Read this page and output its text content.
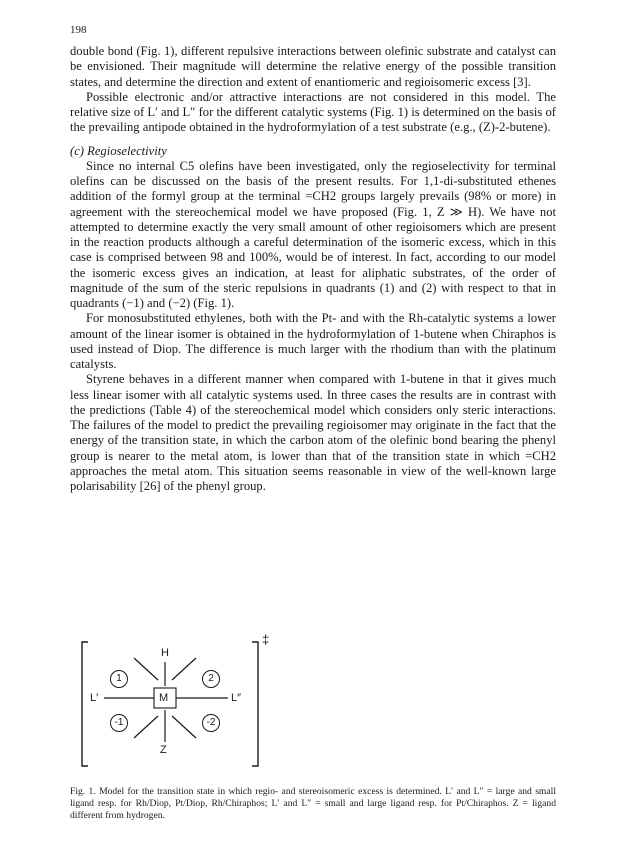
198

double bond (Fig. 1), different repulsive interactions between olefinic substrate and catalyst can be envisioned. Their magnitude will determine the relative energy of the possible transition states, and determine the direction and extent of enantiomeric and regioisomeric excess [3].

Possible electronic and/or attractive interactions are not considered in this model. The relative size of L′ and L″ for the different catalytic systems (Fig. 1) is determined on the basis of the prevailing antipode obtained in the hydroformylation of a test substrate (e.g., (Z)-2-butene).

(c) Regioselectivity

Since no internal C5 olefins have been investigated, only the regioselectivity for terminal olefins can be discussed on the basis of the present results. For 1,1-di-substituted ethenes addition of the formyl group at the terminal =CH2 groups largely prevails (98% or more) in agreement with the stereochemical model we have proposed (Fig. 1, Z ≫ H). We have not attempted to determine exactly the very small amount of other regioisomers which are present in the reaction products although a careful determination of the isomeric excess, which in this case is comprised between 98 and 100%, would be of interest. In fact, according to our model the isomeric excess gives an indication, at least for aliphatic substrates, of the order of magnitude of the sum of the steric repulsions in quadrants (1) and (2) with respect to that in quadrants (−1) and (−2) (Fig. 1).

For monosubstituted ethylenes, both with the Pt- and with the Rh-catalytic systems a lower amount of the linear isomer is obtained in the hydroformylation of 1-butene when Chiraphos is used instead of Diop. The difference is much larger with the rhodium than with the platinum catalysts.

Styrene behaves in a different manner when compared with 1-butene in that it gives much less linear isomer with all catalytic systems used. In three cases the results are in contrast with the predictions (Table 4) of the stereochemical model which considers only steric interactions. The failures of the model to predict the prevailing regioisomer may originate in the fact that the energy of the transition state, in which the carbon atom of the olefinic bond bearing the phenyl group is nearer to the metal atom, is lower than that of the transition state in which =CH2 approaches the metal atom. This situation seems reasonable in view of the well-known large polarisability [26] of the phenyl group.

H
Z
M
L′	L″
‡
1	2
-1	-2
Fig. 1. Model for the transition state in which regio- and stereoisomeric excess is determined. L′ and L″ = large and small ligand resp. for Rh/Diop, Pt/Diop, Rh/Chiraphos; L′ and L″ = small and large ligand resp. for Pt/Chiraphos. Z = ligand different from hydrogen.
